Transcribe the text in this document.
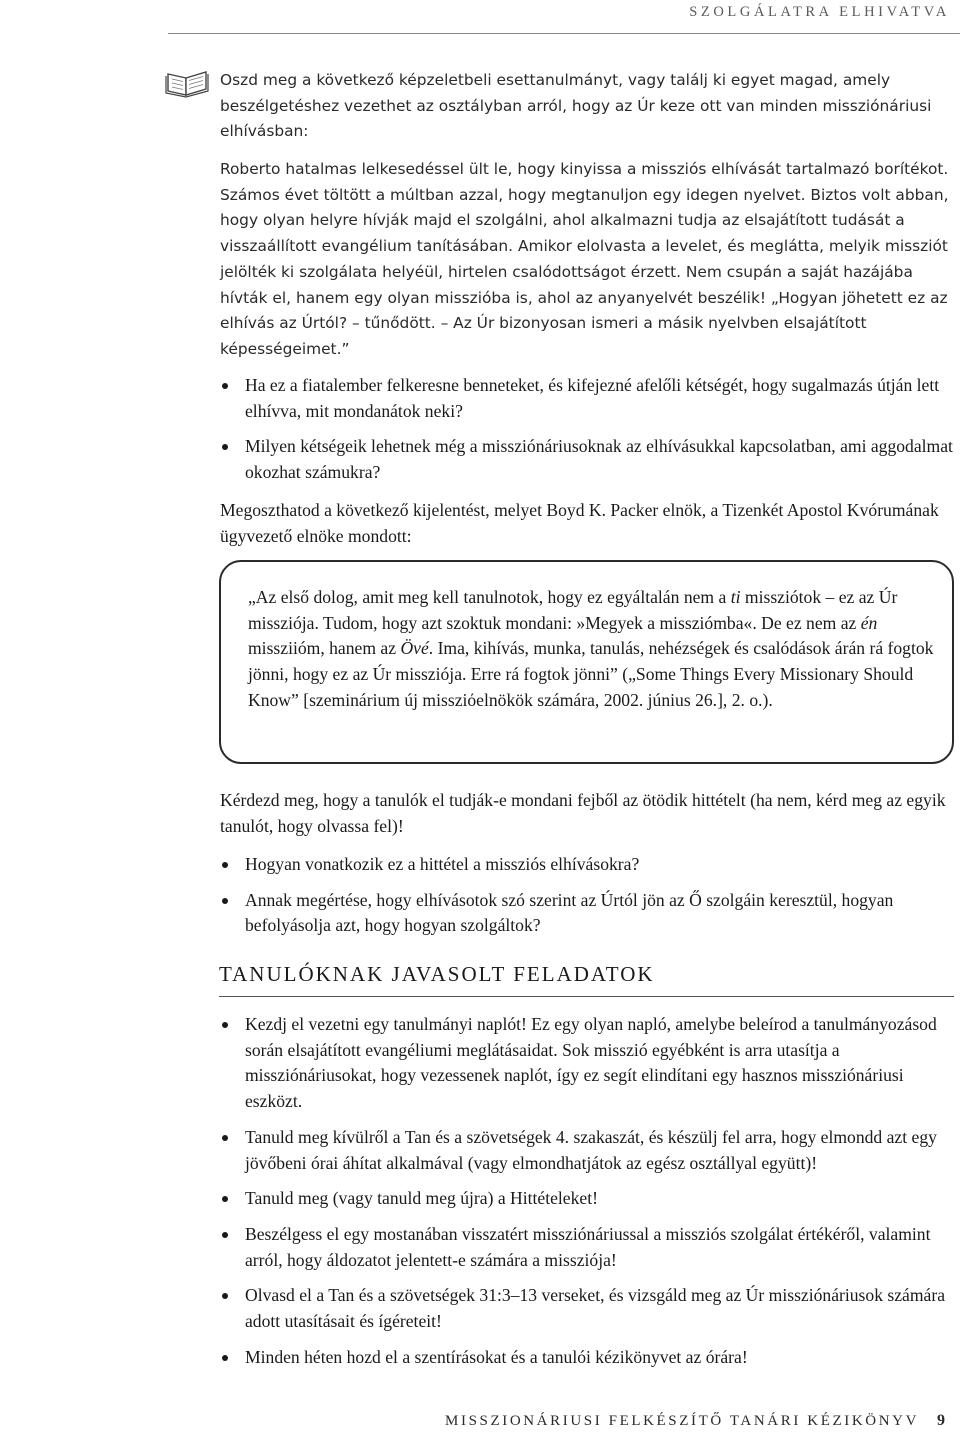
SZOLGÁLATRA ELHIVATVA

Oszd meg a következő képzeletbeli esettanulmányt, vagy találj ki egyet magad, amely beszélgetéshez vezethet az osztályban arról, hogy az Úr keze ott van minden missziónáriusi elhívásban:

Roberto hatalmas lelkesedéssel ült le, hogy kinyissa a missziós elhívását tartalmazó borítékot. Számos évet töltött a múltban azzal, hogy megtanuljon egy idegen nyelvet. Biztos volt abban, hogy olyan helyre hívják majd el szolgálni, ahol alkalmazni tudja az elsajátított tudását a visszaállított evangélium tanításában. Amikor elolvasta a levelet, és meglátta, melyik missziót jelölték ki szolgálata helyéül, hirtelen csalódottságot érzett. Nem csupán a saját hazájába hívták el, hanem egy olyan misszióba is, ahol az anyanyelvét beszélik! „Hogyan jöhetett ez az elhívás az Úrtól? – tűnődött. – Az Úr bizonyosan ismeri a másik nyelvben elsajátított képességeimet.”

Ha ez a fiatalember felkeresne benneteket, és kifejezné afelőli kétségét, hogy sugalmazás útján lett elhívva, mit mondanátok neki?
Milyen kétségeik lehetnek még a missziónáriusoknak az elhívásukkal kapcsolatban, ami aggodalmat okozhat számukra?

Megoszthatod a következő kijelentést, melyet Boyd K. Packer elnök, a Tizenkét Apostol Kvórumának ügyvezető elnöke mondott:

„Az első dolog, amit meg kell tanulnotok, hogy ez egyáltalán nem a ti missziótok – ez az Úr missziója. Tudom, hogy azt szoktuk mondani: »Megyek a missziómba«. De ez nem az én missziióm, hanem az Övé. Ima, kihívás, munka, tanulás, nehézségek és csalódások árán rá fogtok jönni, hogy ez az Úr missziója. Erre rá fogtok jönni” („Some Things Every Missionary Should Know” [szeminárium új missziόelnökök számára, 2002. június 26.], 2. o.).

Kérdezd meg, hogy a tanulók el tudják-e mondani fejből az ötödik hittételt (ha nem, kérd meg az egyik tanulót, hogy olvassa fel)!

Hogyan vonatkozik ez a hittétel a missziós elhívásokra?
Annak megértése, hogy elhívásotok szó szerint az Úrtól jön az Ő szolgáin keresztül, hogyan befolyásolja azt, hogy hogyan szolgáltok?
TANULÓKNAK JAVASOLT FELADATOK
Kezdj el vezetni egy tanulmányi naplót! Ez egy olyan napló, amelybe beleírod a tanulmányozásod során elsajátított evangéliumi meglátásaidat. Sok misszió egyébként is arra utasítja a missziónáriusokat, hogy vezessenek naplót, így ez segít elindítani egy hasznos missziónáriusi eszközt.
Tanuld meg kívülről a Tan és a szövetségek 4. szakaszát, és készülj fel arra, hogy elmondd azt egy jövőbeni órai áhítat alkalmával (vagy elmondhatjátok az egész osztállyal együtt)!
Tanuld meg (vagy tanuld meg újra) a Hittételeket!
Beszélgess el egy mostanában visszatért missziónáriussal a missziós szolgálat értékéről, valamint arról, hogy áldozatot jelentett-e számára a missziója!
Olvasd el a Tan és a szövetségek 31:3–13 verseket, és vizsgáld meg az Úr missziónáriusok számára adott utasításait és ígéreteit!
Minden héten hozd el a szentírásokat és a tanulói kézikönyvet az órára!
MISSZIONÁRIUSI FELKÉSZÍTŐ TANÁRI KÉZIKÖNYV 9
